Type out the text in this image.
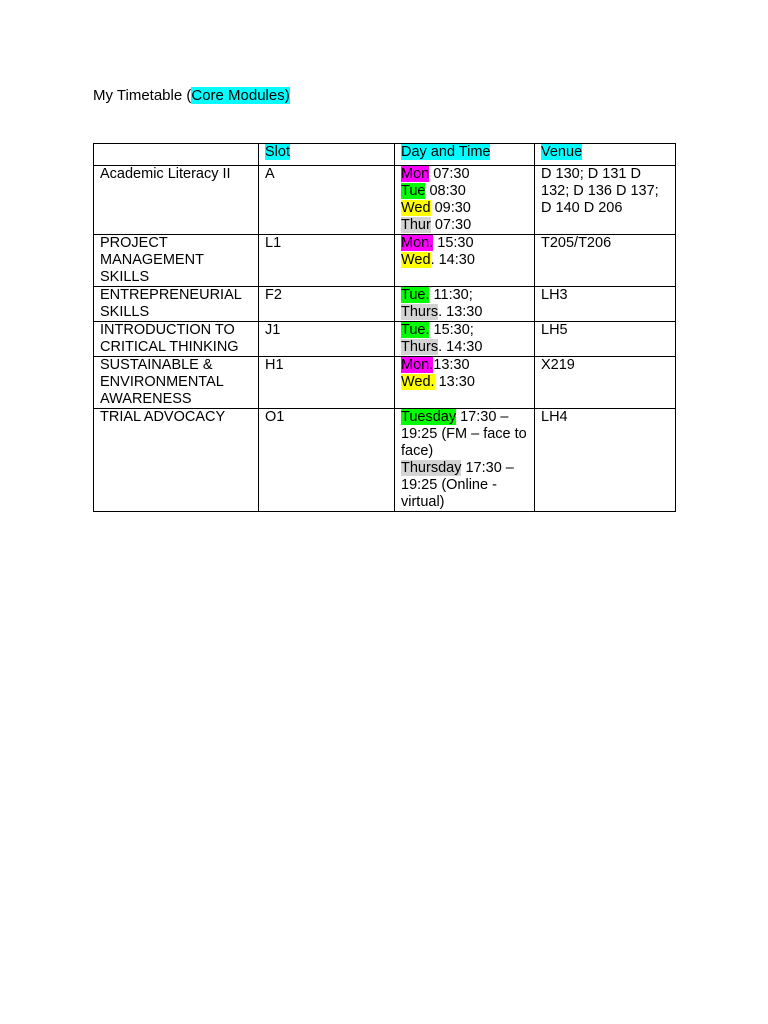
My Timetable (Core Modules)
	Slot	Day and Time	Venue
Academic Literacy II	A	Mon 07:30
Tue 08:30
Wed 09:30
Thur 07:30	D 130; D 131 D 132; D 136 D 137; D 140 D 206
PROJECT MANAGEMENT SKILLS	L1	Mon. 15:30
Wed. 14:30	T205/T206
ENTREPRENEURIAL SKILLS	F2	Tue. 11:30;
Thurs. 13:30	LH3
INTRODUCTION TO CRITICAL THINKING	J1	Tue. 15:30;
Thurs. 14:30	LH5
SUSTAINABLE & ENVIRONMENTAL AWARENESS	H1	Mon.13:30
Wed. 13:30	X219
TRIAL ADVOCACY	O1	Tuesday 17:30 – 19:25 (FM – face to face)
Thursday 17:30 – 19:25 (Online - virtual)	LH4
